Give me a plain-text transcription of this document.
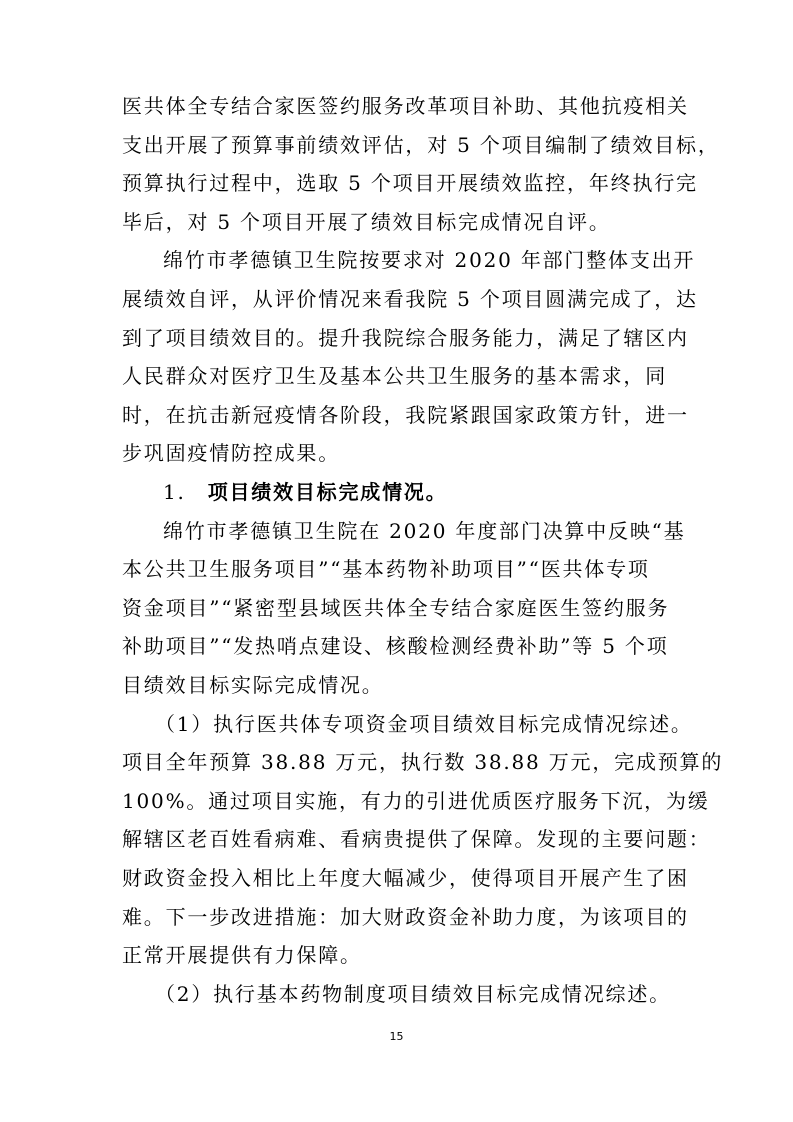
医共体全专结合家医签约服务改革项目补助、其他抗疫相关
支出开展了预算事前绩效评估，对 5 个项目编制了绩效目标，
预算执行过程中，选取 5 个项目开展绩效监控，年终执行完
毕后，对 5 个项目开展了绩效目标完成情况自评。
绵竹市孝德镇卫生院按要求对 2020 年部门整体支出开
展绩效自评，从评价情况来看我院 5 个项目圆满完成了，达
到了项目绩效目的。提升我院综合服务能力，满足了辖区内
人民群众对医疗卫生及基本公共卫生服务的基本需求，同
时，在抗击新冠疫情各阶段，我院紧跟国家政策方针，进一
步巩固疫情防控成果。
1. 项目绩效目标完成情况。
绵竹市孝德镇卫生院在 2020 年度部门决算中反映“基
本公共卫生服务项目”“基本药物补助项目”“医共体专项
资金项目”“紧密型县域医共体全专结合家庭医生签约服务
补助项目”“发热哨点建设、核酸检测经费补助”等 5 个项
目绩效目标实际完成情况。
（1）执行医共体专项资金项目绩效目标完成情况综述。
项目全年预算 38.88 万元，执行数 38.88 万元，完成预算的
100%。通过项目实施，有力的引进优质医疗服务下沉，为缓
解辖区老百姓看病难、看病贵提供了保障。发现的主要问题：
15
财政资金投入相比上年度大幅减少，使得项目开展产生了困
难。下一步改进措施：加大财政资金补助力度，为该项目的
正常开展提供有力保障。
（2）执行基本药物制度项目绩效目标完成情况综述。
